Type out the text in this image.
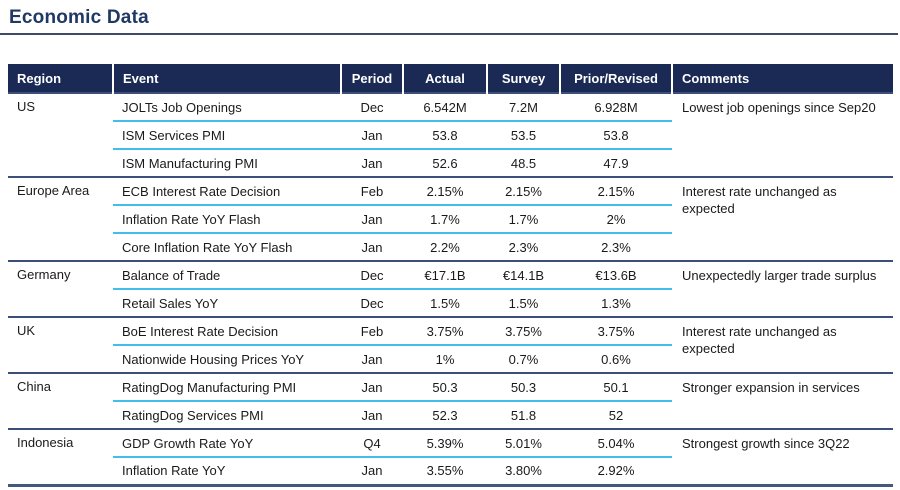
Economic Data
Region	Event	Period	Actual	Survey	Prior/Revised	Comments
US	JOLTs Job Openings	Dec	6.542M	7.2M	6.928M	Lowest job openings since Sep20
	ISM Services PMI	Jan	53.8	53.5	53.8	
	ISM Manufacturing PMI	Jan	52.6	48.5	47.9	
Europe Area	ECB Interest Rate Decision	Feb	2.15%	2.15%	2.15%	Interest rate unchanged as expected
	Inflation Rate YoY Flash	Jan	1.7%	1.7%	2%	
	Core Inflation Rate YoY Flash	Jan	2.2%	2.3%	2.3%	
Germany	Balance of Trade	Dec	€17.1B	€14.1B	€13.6B	Unexpectedly larger trade surplus
	Retail Sales YoY	Dec	1.5%	1.5%	1.3%	
UK	BoE Interest Rate Decision	Feb	3.75%	3.75%	3.75%	Interest rate unchanged as expected
	Nationwide Housing Prices YoY	Jan	1%	0.7%	0.6%	
China	RatingDog Manufacturing PMI	Jan	50.3	50.3	50.1	Stronger expansion in services
	RatingDog Services PMI	Jan	52.3	51.8	52	
Indonesia	GDP Growth Rate YoY	Q4	5.39%	5.01%	5.04%	Strongest growth since 3Q22
	Inflation Rate YoY	Jan	3.55%	3.80%	2.92%	
